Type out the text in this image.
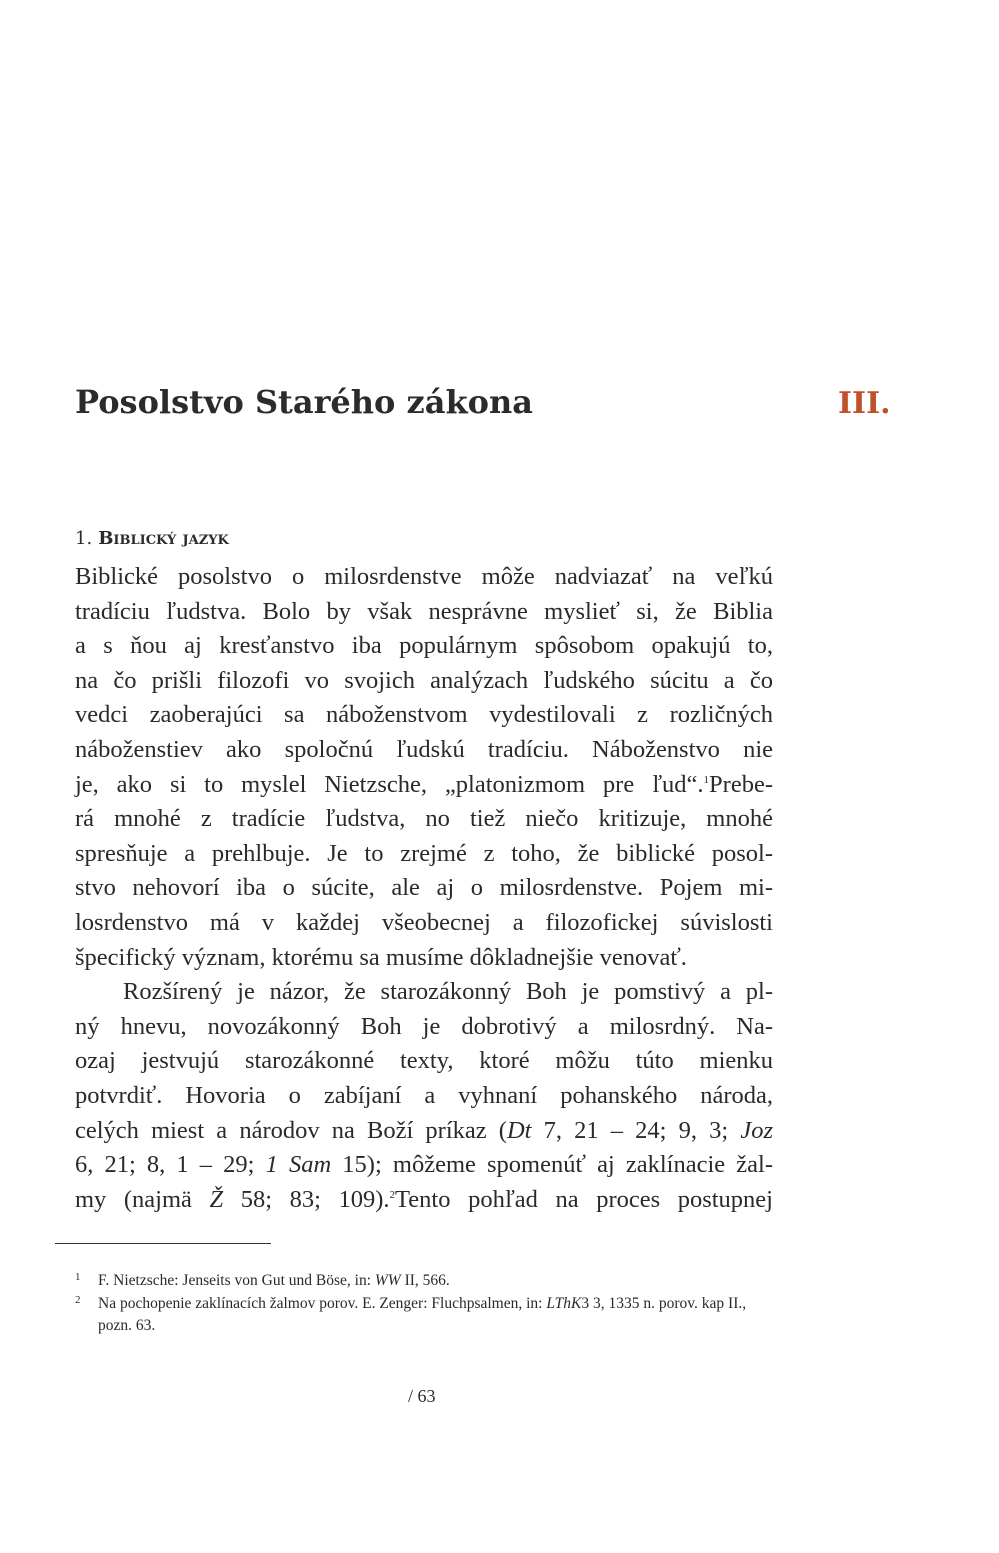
Posolstvo Starého zákona	III.
1. Biblický jazyk

Biblické posolstvo o milosrdenstve môže nadviazať na veľkú
tradíciu ľudstva. Bolo by však nesprávne myslieť si, že Biblia
a s ňou aj kresťanstvo iba populárnym spôsobom opakujú to,
na čo prišli filozofi vo svojich analýzach ľudského súcitu a čo
vedci zaoberajúci sa náboženstvom vydestilovali z rozličných
náboženstiev ako spoločnú ľudskú tradíciu. Náboženstvo nie
je, ako si to myslel Nietzsche, „platonizmom pre ľud“.$^1$Prebe-
rá mnohé z tradície ľudstva, no tiež niečo kritizuje, mnohé
spresňuje a prehlbuje. Je to zrejmé z toho, že biblické posol-
stvo nehovorí iba o súcite, ale aj o milosrdenstve. Pojem mi-
losrdenstvo má v každej všeobecnej a filozofickej súvislosti
špecifický význam, ktorému sa musíme dôkladnejšie venovať.

Rozšírený je názor, že starozákonný Boh je pomstivý a pl-
ný hnevu, novozákonný Boh je dobrotivý a milosrdný. Na-
ozaj jestvujú starozákonné texty, ktoré môžu túto mienku
potvrdiť. Hovoria o zabíjaní a vyhnaní pohanského národa,
celých miest a národov na Boží príkaz (Dt 7, 21 – 24; 9, 3; Joz
6, 21; 8, 1 – 29; 1 Sam 15); môžeme spomenúť aj zaklínacie žal-
my (najmä Ž 58; 83; 109).$^2$Tento pohľad na proces postupnej

1 F. Nietzsche: Jenseits von Gut und Böse, in: WW II, 566.
2 Na pochopenie zaklínacích žalmov porov. E. Zenger: Fluchpsalmen, in: LThK3 3, 1335 n. porov. kap II., pozn. 63.
/ 63
